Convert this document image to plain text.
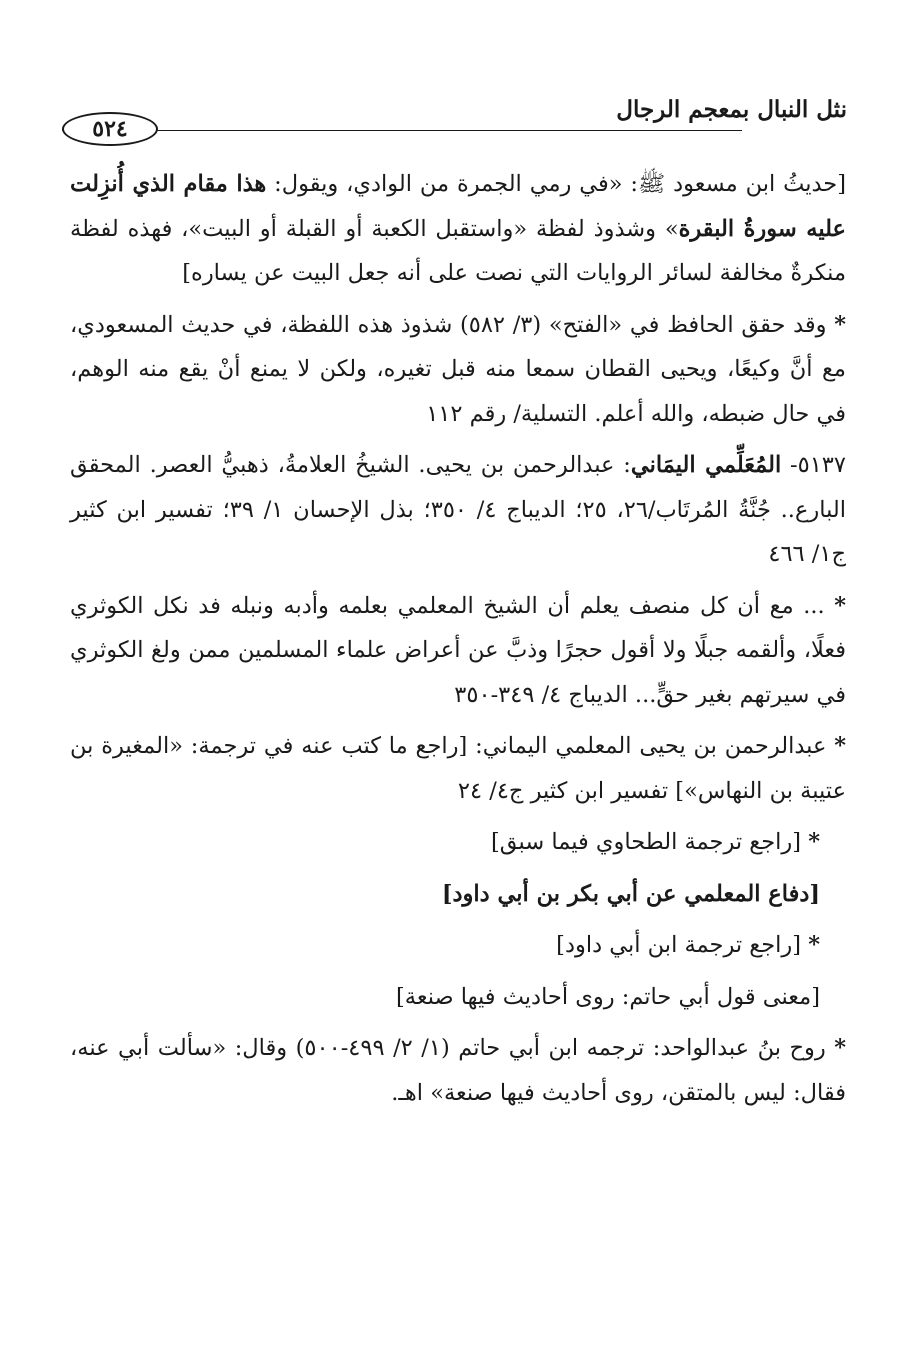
نثل النبال بمعجم الرجال
٥٢٤

[حديثُ ابن مسعود ﷺ: «في رمي الجمرة من الوادي، ويقول: هذا مقام الذي أُنزِلت عليه سورةُ البقرة» وشذوذ لفظة «واستقبل الكعبة أو القبلة أو البيت»، فهذه لفظة منكرةٌ مخالفة لسائر الروايات التي نصت على أنه جعل البيت عن يساره]

* وقد حقق الحافظ في «الفتح» (٣/ ٥٨٢) شذوذ هذه اللفظة، في حديث المسعودي، مع أنَّ وكيعًا، ويحيى القطان سمعا منه قبل تغيره، ولكن لا يمنع أنْ يقع منه الوهم، في حال ضبطه، والله أعلم. التسلية/ رقم ١١٢

٥١٣٧- المُعَلِّمي اليمَاني: عبدالرحمن بن يحيى. الشيخُ العلامةُ، ذهبيُّ العصر. المحقق البارع.. جُنَّةُ المُرتَاب/٢٦، ٢٥؛ الديباج ٤/ ٣٥٠؛ بذل الإحسان ١/ ٣٩؛ تفسير ابن كثير ج١/ ٤٦٦

* ... مع أن كل منصف يعلم أن الشيخ المعلمي بعلمه وأدبه ونبله فد نكل الكوثري فعلًا، وألقمه جبلًا ولا أقول حجرًا وذبَّ عن أعراض علماء المسلمين ممن ولغ الكوثري في سيرتهم بغير حقٍّ... الديباج ٤/ ٣٤٩-٣٥٠

* عبدالرحمن بن يحيى المعلمي اليماني: [راجع ما كتب عنه في ترجمة: «المغيرة بن عتيبة بن النهاس»] تفسير ابن كثير ج٤/ ٢٤

* [راجع ترجمة الطحاوي فيما سبق]

[دفاع المعلمي عن أبي بكر بن أبي داود]

* [راجع ترجمة ابن أبي داود]

[معنى قول أبي حاتم: روى أحاديث فيها صنعة]

* روح بنُ عبدالواحد: ترجمه ابن أبي حاتم (١/ ٢/ ٤٩٩-٥٠٠) وقال: «سألت أبي عنه، فقال: ليس بالمتقن، روى أحاديث فيها صنعة» اهـ.
